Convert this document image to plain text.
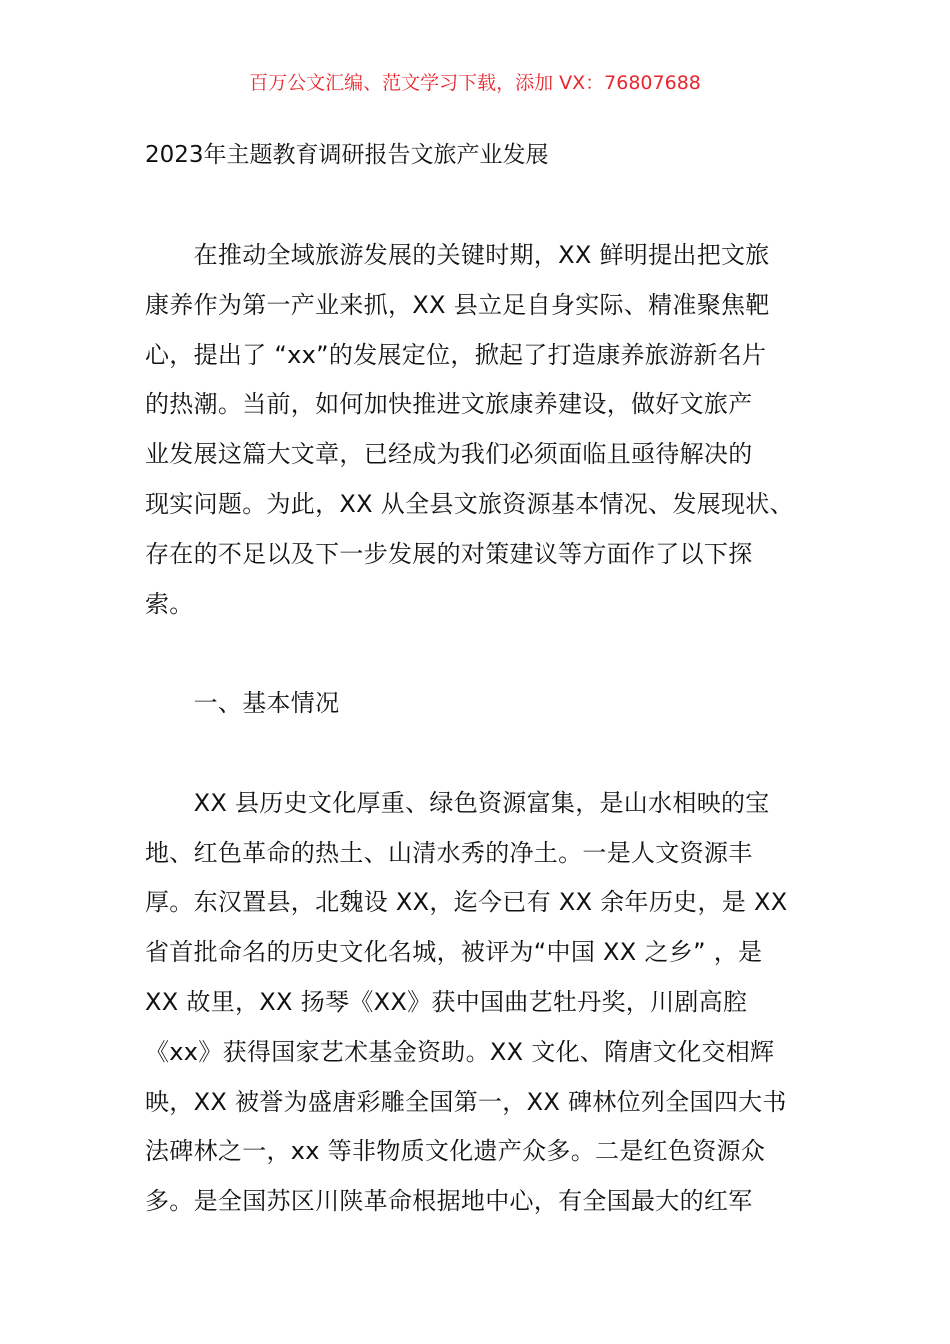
百万公文汇编、范文学习下载，添加 VX：76807688
2023年主题教育调研报告文旅产业发展
　　在推动全域旅游发展的关键时期，XX 鲜明提出把文旅
康养作为第一产业来抓，XX 县立足自身实际、精准聚焦靶
心，提出了 “xx”的发展定位，掀起了打造康养旅游新名片
的热潮。当前，如何加快推进文旅康养建设，做好文旅产
业发展这篇大文章，已经成为我们必须面临且亟待解决的
现实问题。为此，XX 从全县文旅资源基本情况、发展现状、
存在的不足以及下一步发展的对策建议等方面作了以下探
索。
　　一、基本情况
　　XX 县历史文化厚重、绿色资源富集，是山水相映的宝
地、红色革命的热土、山清水秀的净土。一是人文资源丰
厚。东汉置县，北魏设 XX，迄今已有 XX 余年历史，是 XX
省首批命名的历史文化名城，被评为“中国 XX 之乡” ，是
XX 故里，XX 扬琴《XX》获中国曲艺牡丹奖，川剧高腔
《xx》获得国家艺术基金资助。XX 文化、隋唐文化交相辉
映，XX 被誉为盛唐彩雕全国第一，XX 碑林位列全国四大书
法碑林之一，xx 等非物质文化遗产众多。二是红色资源众
多。是全国苏区川陕革命根据地中心，有全国最大的红军
